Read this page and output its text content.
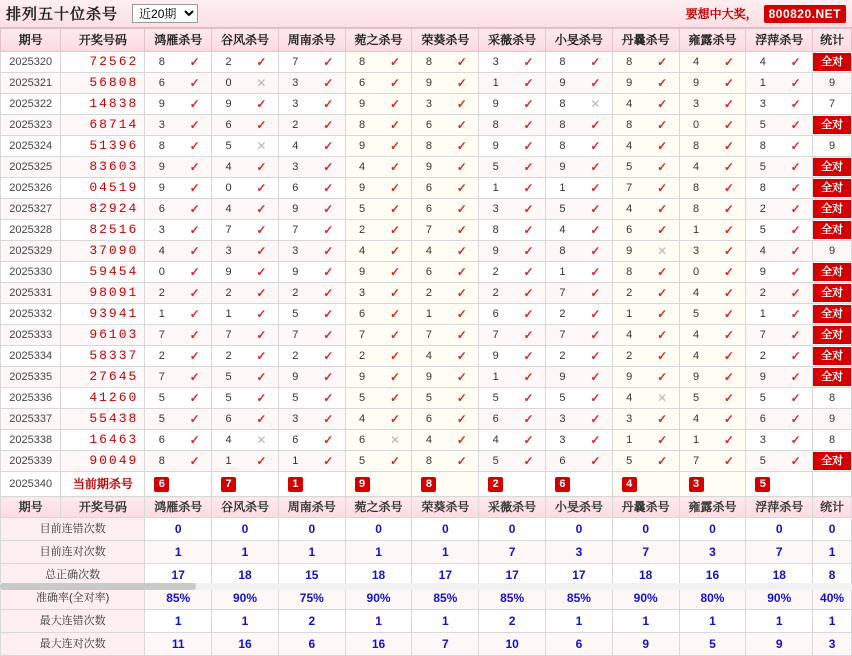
排列五十位杀号
近20期	要想中大奖， 800820.NET
期号	开奖号码	鸿雁杀号	谷风杀号	周南杀号	菀之杀号	荣葵杀号	采薇杀号	小旻杀号	丹曩杀号	雍露杀号	浮萍杀号	统计
2025320	72562	8 ✓	2 ✓	7 ✓	8 ✓	8 ✓	3 ✓	8 ✓	8 ✓	4 ✓	4 ✓	全对

2025321	56808	6 ✓	0 ✕	3 ✓	6 ✓	9 ✓	1 ✓	9 ✓	9 ✓	9 ✓	1 ✓	9
2025322	14838	9 ✓	9 ✓	3 ✓	9 ✓	3 ✓	9 ✓	8 ✕	4 ✓	3 ✓	3 ✓	7
2025323	68714	3 ✓	6 ✓	2 ✓	8 ✓	6 ✓	8 ✓	8 ✓	8 ✓	0 ✓	5 ✓	全对

2025324	51396	8 ✓	5 ✕	4 ✓	9 ✓	8 ✓	9 ✓	8 ✓	4 ✓	8 ✓	8 ✓	9
2025325	83603	9 ✓	4 ✓	3 ✓	4 ✓	9 ✓	5 ✓	9 ✓	5 ✓	4 ✓	5 ✓	全对

2025326	04519	9 ✓	0 ✓	6 ✓	9 ✓	6 ✓	1 ✓	1 ✓	7 ✓	8 ✓	8 ✓	全对

2025327	82924	6 ✓	4 ✓	9 ✓	5 ✓	6 ✓	3 ✓	5 ✓	4 ✓	8 ✓	2 ✓	全对

2025328	82516	3 ✓	7 ✓	7 ✓	2 ✓	7 ✓	8 ✓	4 ✓	6 ✓	1 ✓	5 ✓	全对

2025329	37090	4 ✓	3 ✓	3 ✓	4 ✓	4 ✓	9 ✓	8 ✓	9 ✕	3 ✓	4 ✓	9
2025330	59454	0 ✓	9 ✓	9 ✓	9 ✓	6 ✓	2 ✓	1 ✓	8 ✓	0 ✓	9 ✓	全对

2025331	98091	2 ✓	2 ✓	2 ✓	3 ✓	2 ✓	2 ✓	7 ✓	2 ✓	4 ✓	2 ✓	全对

2025332	93941	1 ✓	1 ✓	5 ✓	6 ✓	1 ✓	6 ✓	2 ✓	1 ✓	5 ✓	1 ✓	全对

2025333	96103	7 ✓	7 ✓	7 ✓	7 ✓	7 ✓	7 ✓	7 ✓	4 ✓	4 ✓	7 ✓	全对

2025334	58337	2 ✓	2 ✓	2 ✓	2 ✓	4 ✓	9 ✓	2 ✓	2 ✓	4 ✓	2 ✓	全对

2025335	27645	7 ✓	5 ✓	9 ✓	9 ✓	9 ✓	1 ✓	9 ✓	9 ✓	9 ✓	9 ✓	全对

2025336	41260	5 ✓	5 ✓	5 ✓	5 ✓	5 ✓	5 ✓	5 ✓	4 ✕	5 ✓	5 ✓	8
2025337	55438	5 ✓	6 ✓	3 ✓	4 ✓	6 ✓	6 ✓	3 ✓	3 ✓	4 ✓	6 ✓	9
2025338	16463	6 ✓	4 ✕	6 ✓	6 ✕	4 ✓	4 ✓	3 ✓	1 ✓	1 ✓	3 ✓	8
2025339	90049	8 ✓	1 ✓	1 ✓	5 ✓	8 ✓	5 ✓	6 ✓	5 ✓	7 ✓	5 ✓	全对

2025340	当前期杀号	6	7	1	9	8	2	6	4	3	5	

期号	开奖号码	鸿雁杀号	谷风杀号	周南杀号	菀之杀号	荣葵杀号	采薇杀号	小旻杀号	丹曩杀号	雍露杀号	浮萍杀号	统计
目前连错次数		0	0	0	0	0	0	0	0	0	0	0
目前连对次数		1	1	1	1	1	7	3	7	3	7	1
总正确次数		17	18	15	18	17	17	17	18	16	18	8
准确率(全对率)		85%	90%	75%	90%	85%	85%	85%	90%	80%	90%	40%
最大连错次数		1	1	2	1	1	2	1	1	1	1	1
最大连对次数		11	16	6	16	7	10	6	9	5	9	3
